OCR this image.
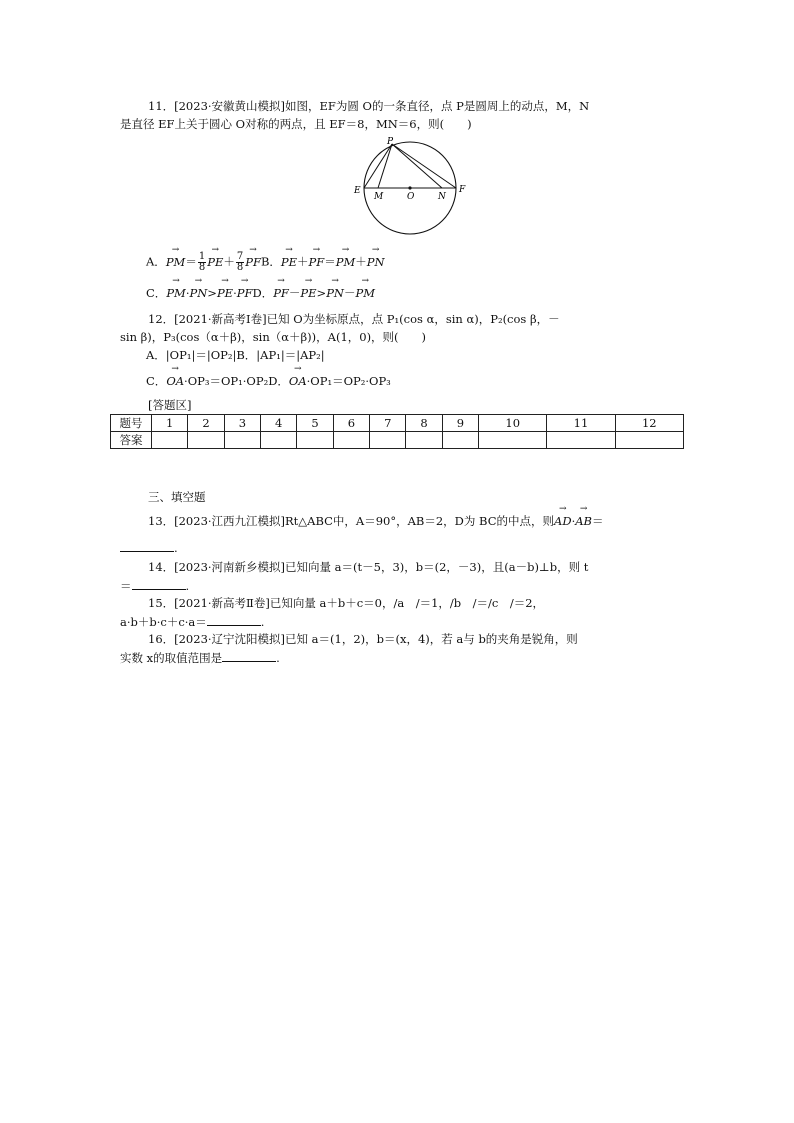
11．[2023·安徽黄山模拟]如图，EF为圆 O的一条直径，点 P是圆周上的动点，M，N
是直径 EF上关于圆心 O对称的两点，且 EF＝8，MN＝6，则(　　)
P
E
M	O	N
F
A．→ $PM= \frac{1}{8} \to PE+ \frac{7}{8}$ → PFB．→ PE＋→ PF＝→ PM＋→ PN
C．→ PM·→ PN>→ PE·→ PFD．→ PF－→ PE>→ PN－→ PM
12．[2021·新高考Ⅰ卷]已知 O为坐标原点，点 P₁(cos α，sin α)，P₂(cos β，－
sin β)，P₃(cos（α＋β)，sin（α＋β))，A(1，0)，则(　　)
A．|OP₁|＝|OP₂|B．|AP₁|＝|AP₂|
C．→ OA·OP₃＝OP₁·OP₂D．→ OA·OP₁＝OP₂·OP₃
[答题区]
题号	1	2	3	4	5	6	7	8	9	10	11	12
答案												
三、填空题
13．[2023·江西九江模拟]Rt△ABC中，A＝90°，AB＝2，D为 BC的中点，则→ AD·→ AB＝
.
14．[2023·河南新乡模拟]已知向量 a＝(t－5，3)，b＝(2，－3)，且(a－b)⊥b，则 t
＝	.
15．[2021·新高考Ⅱ卷]已知向量 a＋b＋c＝0，/a　/＝1，/b　/＝/c　/＝2，
a·b＋b·c＋c·a＝	.
16．[2023·辽宁沈阳模拟]已知 a＝(1，2)，b＝(x，4)，若 a与 b的夹角是锐角，则
实数 x的取值范围是	.
